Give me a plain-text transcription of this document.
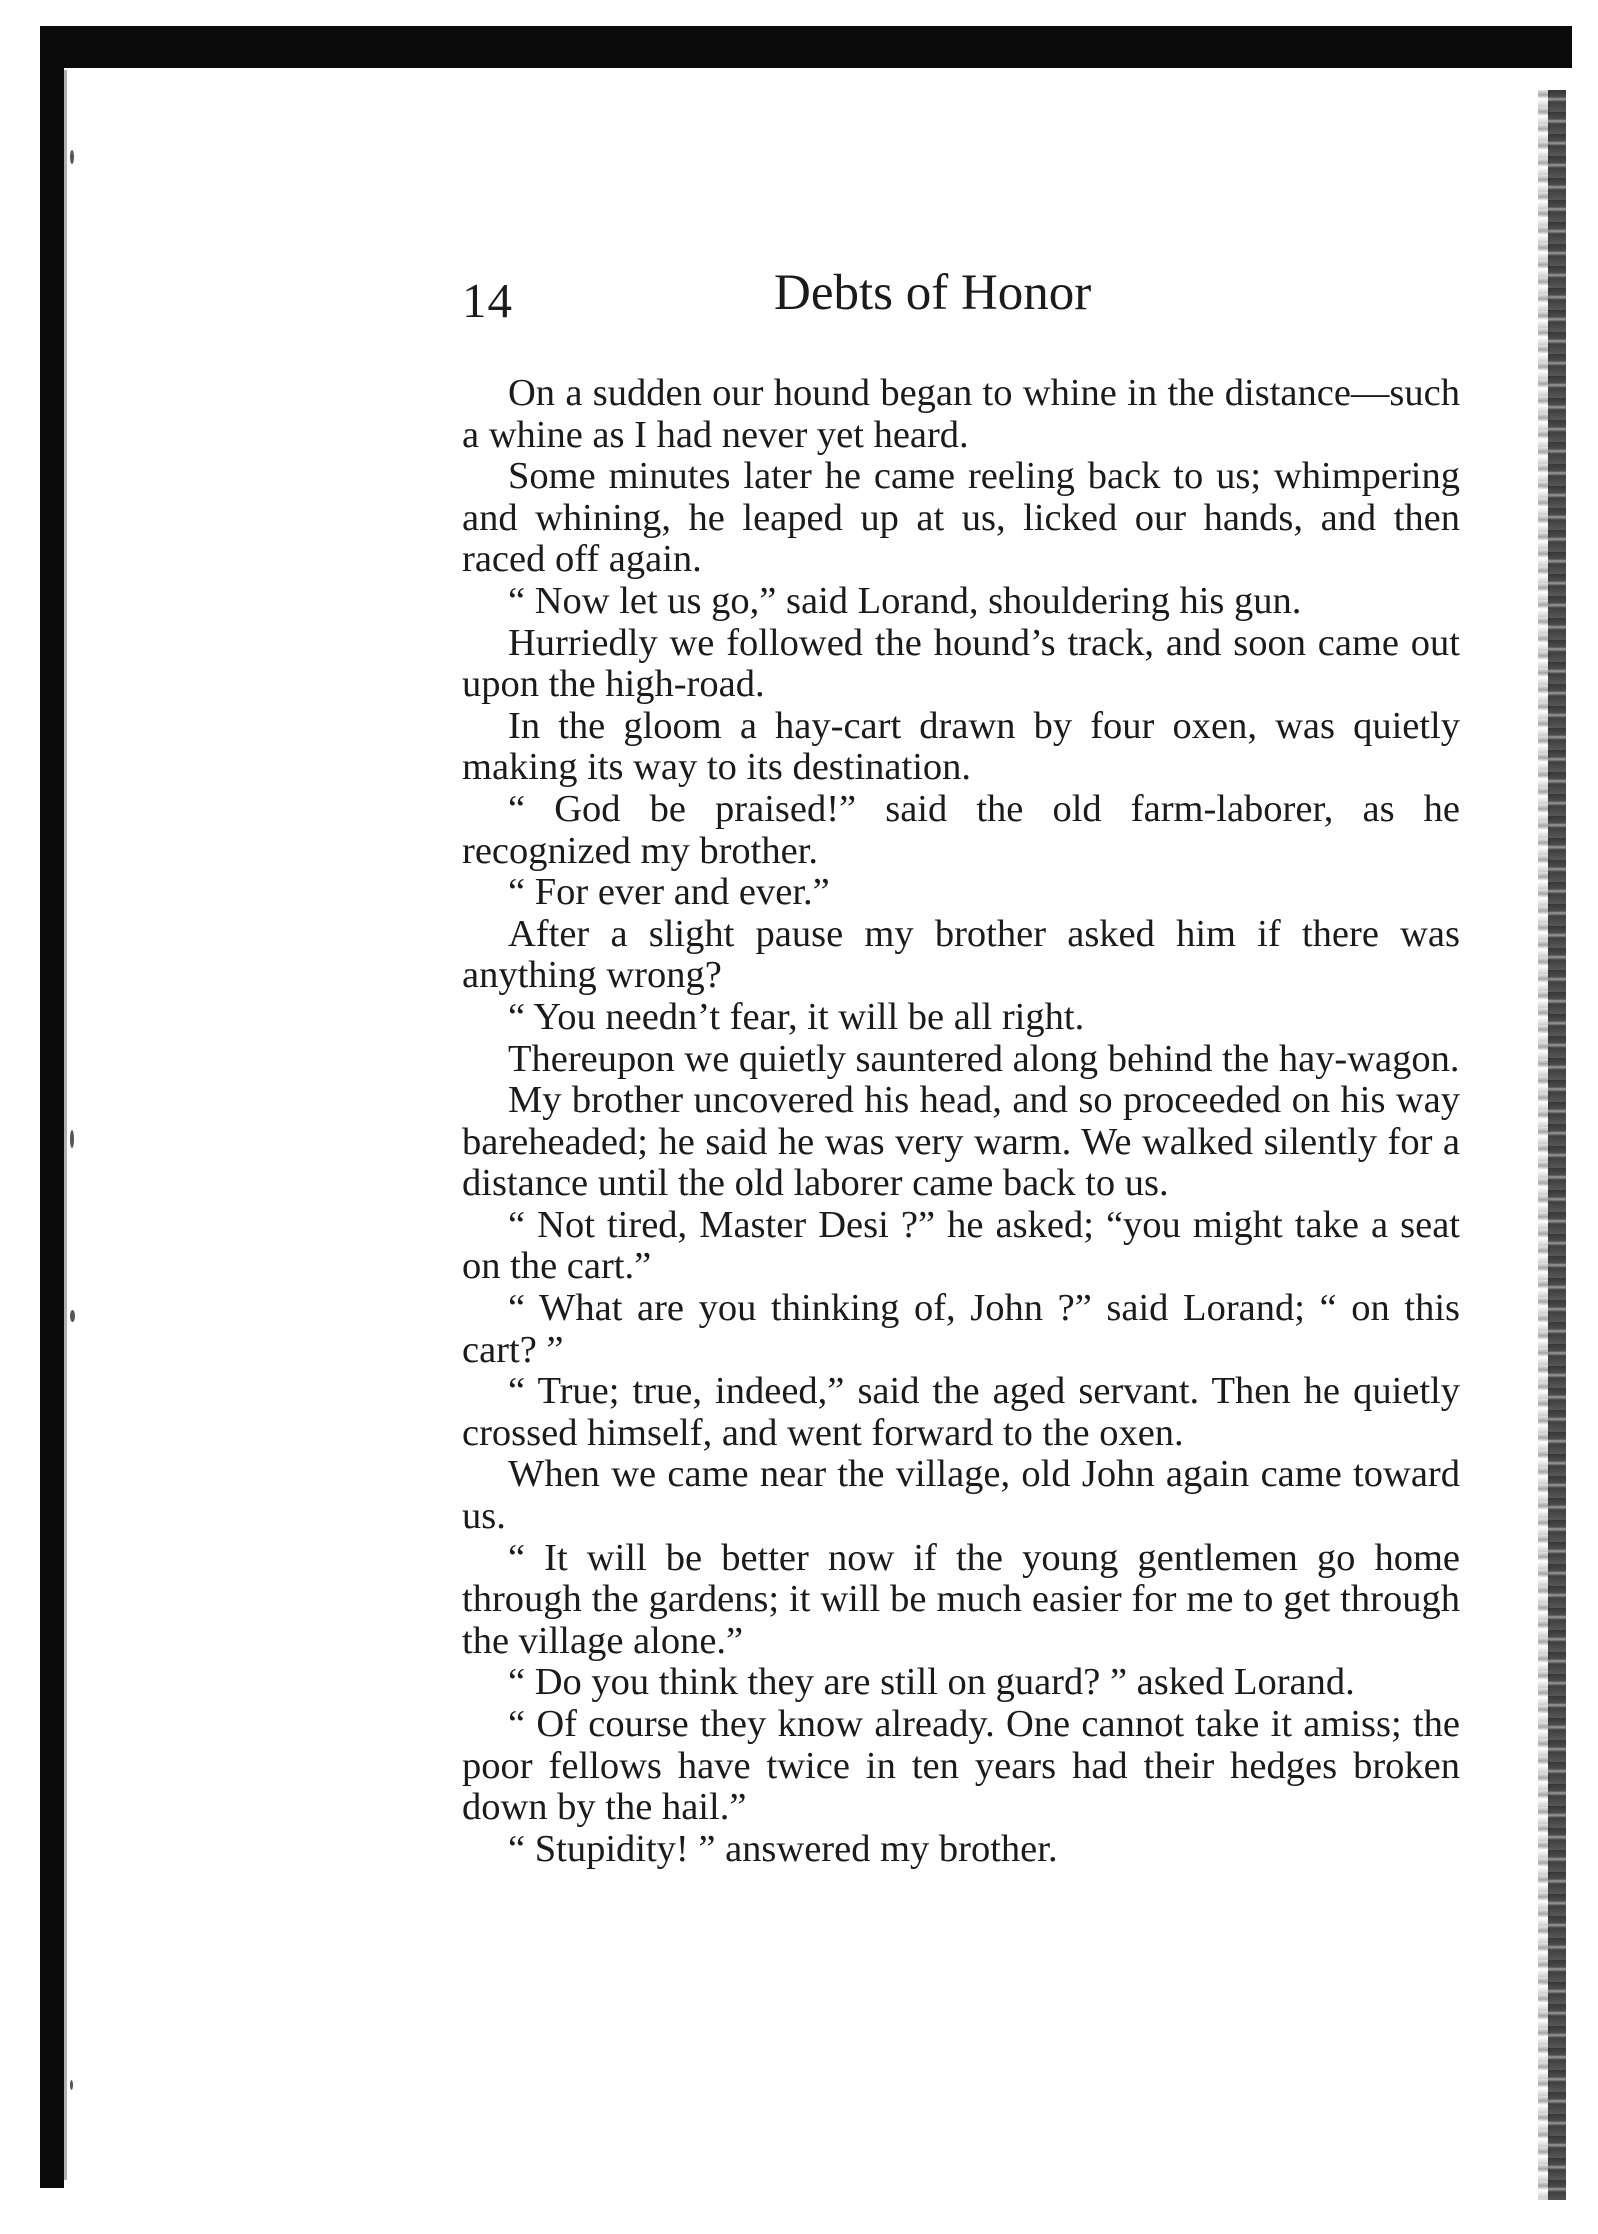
14	Debts of Honor

On a sudden our hound began to whine in the distance—such a whine as I had never yet heard.

Some minutes later he came reeling back to us; whimpering and whining, he leaped up at us, licked our hands, and then raced off again.

“ Now let us go,” said Lorand, shouldering his gun.

Hurriedly we followed the hound’s track, and soon came out upon the high-road.

In the gloom a hay-cart drawn by four oxen, was quietly making its way to its destination.

“ God be praised!” said the old farm-laborer, as he recognized my brother.

“ For ever and ever.”

After a slight pause my brother asked him if there was anything wrong?

“ You needn’t fear, it will be all right.

Thereupon we quietly sauntered along behind the hay-wagon.

My brother uncovered his head, and so proceeded on his way bareheaded; he said he was very warm. We walked silently for a distance until the old laborer came back to us.

“ Not tired, Master Desi ?” he asked; “you might take a seat on the cart.”

“ What are you thinking of, John ?” said Lorand; “ on this cart? ”

“ True; true, indeed,” said the aged servant. Then he quietly crossed himself, and went forward to the oxen.

When we came near the village, old John again came toward us.

“ It will be better now if the young gentlemen go home through the gardens; it will be much easier for me to get through the village alone.”

“ Do you think they are still on guard? ” asked Lorand.

“ Of course they know already. One cannot take it amiss; the poor fellows have twice in ten years had their hedges broken down by the hail.”

“ Stupidity! ” answered my brother.
